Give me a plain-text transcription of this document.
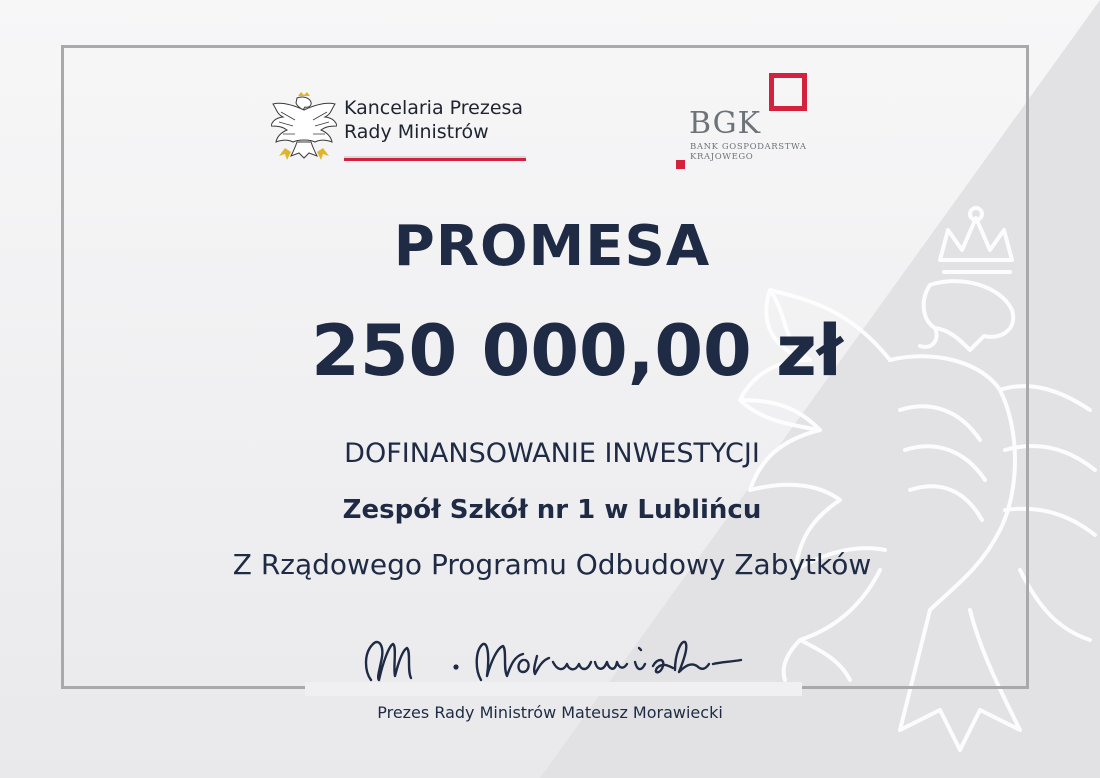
Kancelaria Prezesa
Rady Ministrów	BGK
BANK GOSPODARSTWA
KRAJOWEGO
PROMESA
250 000,00 zł
DOFINANSOWANIE INWESTYCJI
Zespół Szkół nr 1 w Lublińcu
Z Rządowego Programu Odbudowy Zabytków
Prezes Rady Ministrów Mateusz Morawiecki
